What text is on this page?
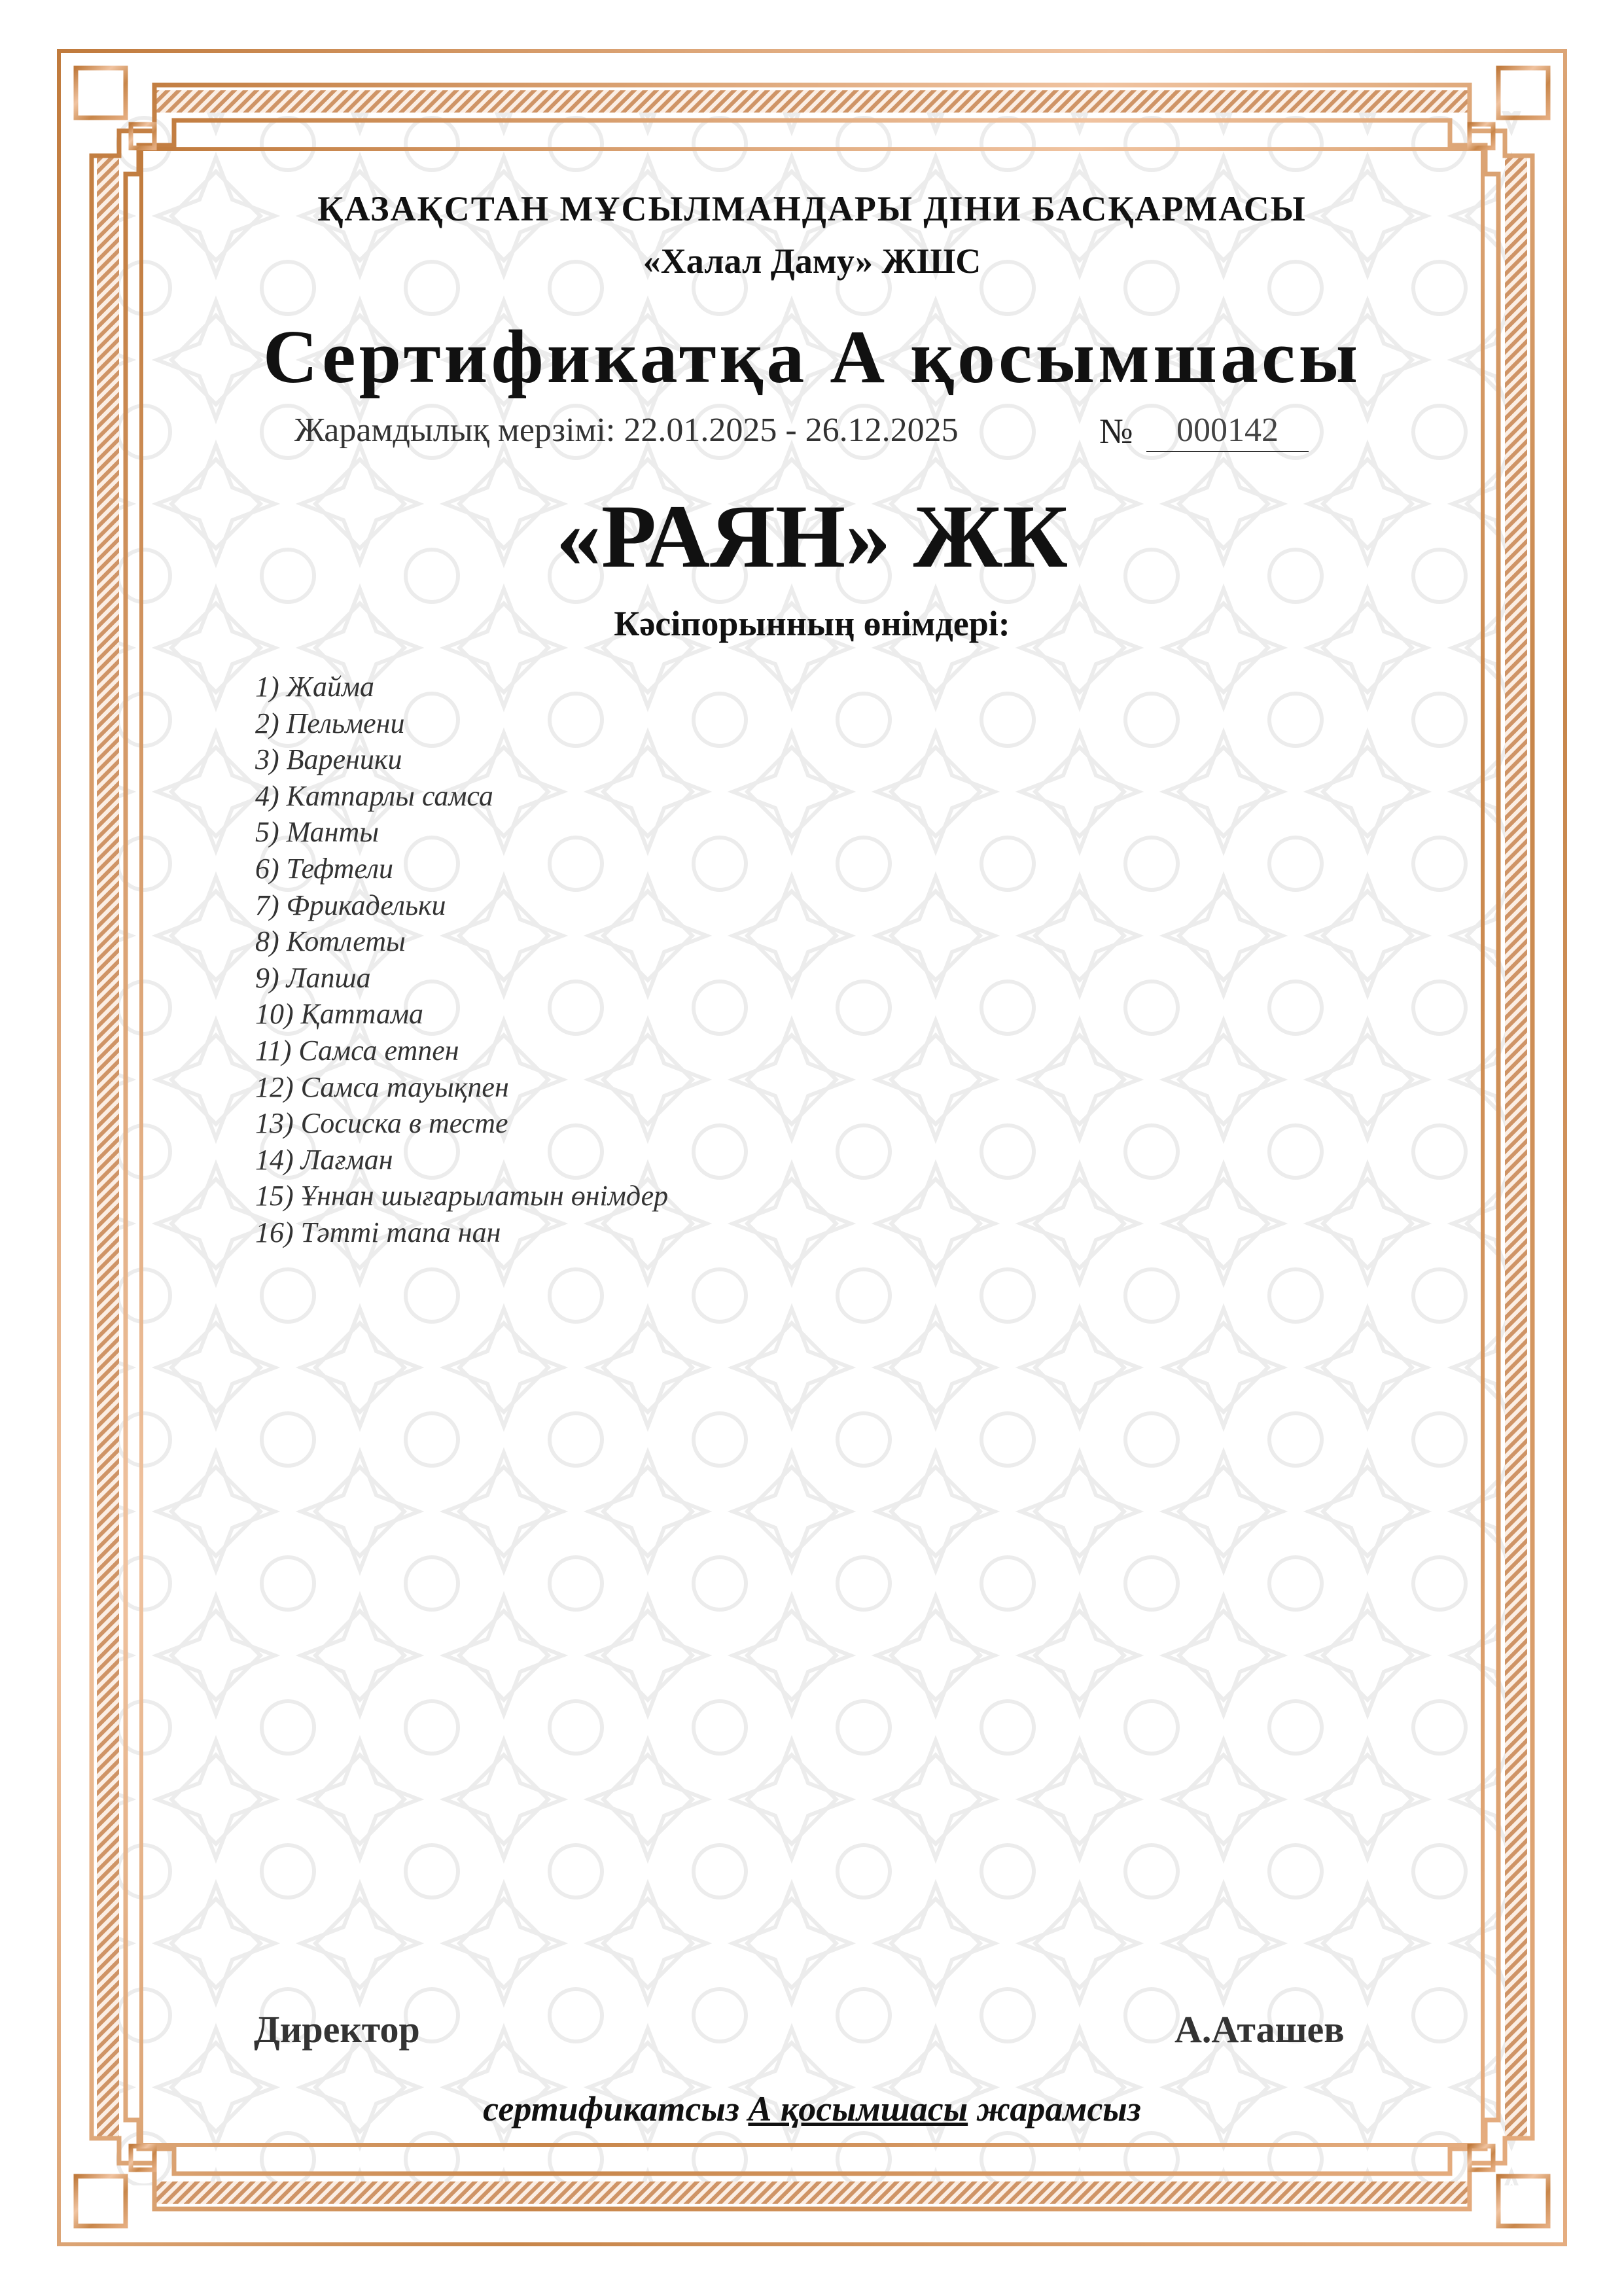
ҚАЗАҚСТАН МҰСЫЛМАНДАРЫ ДІНИ БАСҚАРМАСЫ
«Халал Даму» ЖШС
Сертификатқа А қосымшасы
Жарамдылық мерзімі: 22.01.2025 - 26.12.2025	№	000142
«РАЯН» ЖК
Кәсіпорынның өнімдері:
1) Жайма
2) Пельмени
3) Вареники
4) Катпарлы самса
5) Манты
6) Тефтели
7) Фрикадельки
8) Котлеты
9) Лапша
10) Қаттама
11) Самса етпен
12) Самса тауықпен
13) Сосиска в тесте
14) Лағман
15) Ұннан шығарылатын өнімдер
16) Тәтті тапа нан
Директор	А.Аташев
сертификатсыз А қосымшасы жарамсыз
